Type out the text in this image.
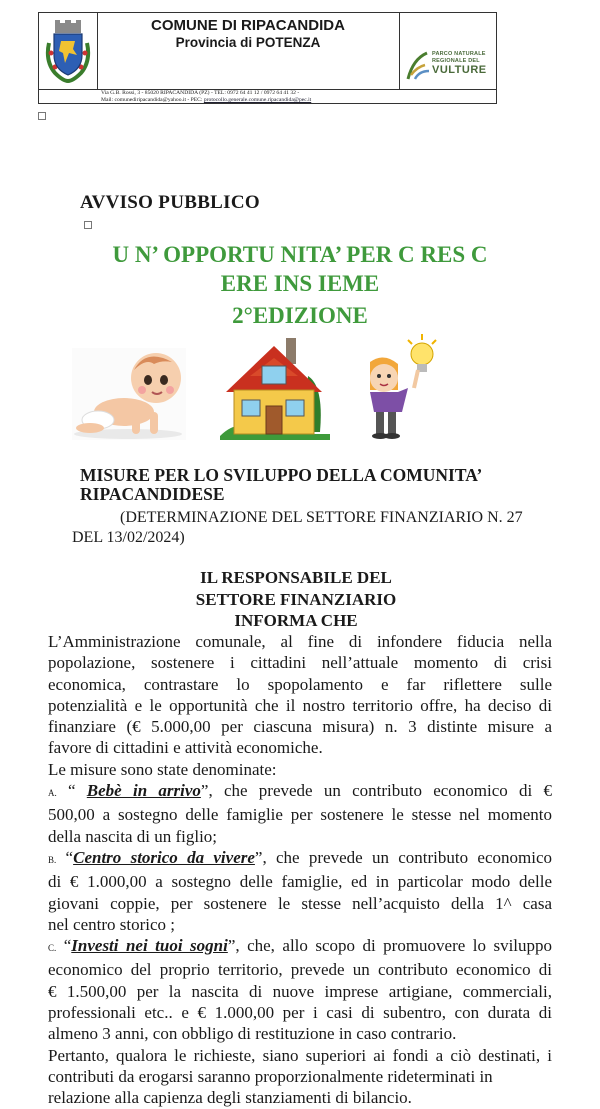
COMUNE DI RIPACANDIDA
Provincia di POTENZA
PARCO NATURALE
REGIONALE DEL
VULTURE
Via G.B. Rossi, 3 - 85020 RIPACANDIDA (PZ) - TEL: 0972 64 41 12 / 0972 64 41 32 -
Mail: comunediripacandida@yahoo.it - PEC: protocollo.generale.comune.ripacandida@pec.it
AVVISO PUBBLICO
U N’ OPPORTU NITA’ PER C RES C
ERE INS IEME
2°EDIZIONE
MISURE PER LO SVILUPPO DELLA COMUNITA’
RIPACANDIDESE
(DETERMINAZIONE DEL SETTORE FINANZIARIO N. 27
DEL 13/02/2024)
IL RESPONSABILE DEL
SETTORE FINANZIARIO
INFORMA CHE
L’Amministrazione comunale, al fine di infondere fiducia nella
popolazione, sostenere i cittadini nell’attuale momento di crisi
economica, contrastare lo spopolamento e far riflettere sulle
potenzialità e le opportunità che il nostro territorio offre, ha deciso di
finanziare (€ 5.000,00 per ciascuna misura) n. 3 distinte misure a
favore di cittadini e attività economiche.
Le misure sono state denominate:
A. “ Bebè in arrivo”, che prevede un contributo economico di €
500,00 a sostegno delle famiglie per sostenere le stesse nel momento
della nascita di un figlio;
B. “Centro storico da vivere”, che prevede un contributo economico
di € 1.000,00 a sostegno delle famiglie, ed in particolar modo delle
giovani coppie, per sostenere le stesse nell’acquisto della 1^ casa
nel centro storico ;
C. “Investi nei tuoi sogni”, che, allo scopo di promuovere lo sviluppo
economico del proprio territorio, prevede un contributo economico di
€ 1.500,00 per la nascita di nuove imprese artigiane, commerciali,
professionali etc.. e € 1.000,00 per i casi di subentro, con durata di
almeno 3 anni, con obbligo di restituzione in caso contrario.
Pertanto, qualora le richieste, siano superiori ai fondi a ciò destinati, i
contributi da erogarsi saranno proporzionalmente rideterminati in
relazione alla capienza degli stanziamenti di bilancio.
